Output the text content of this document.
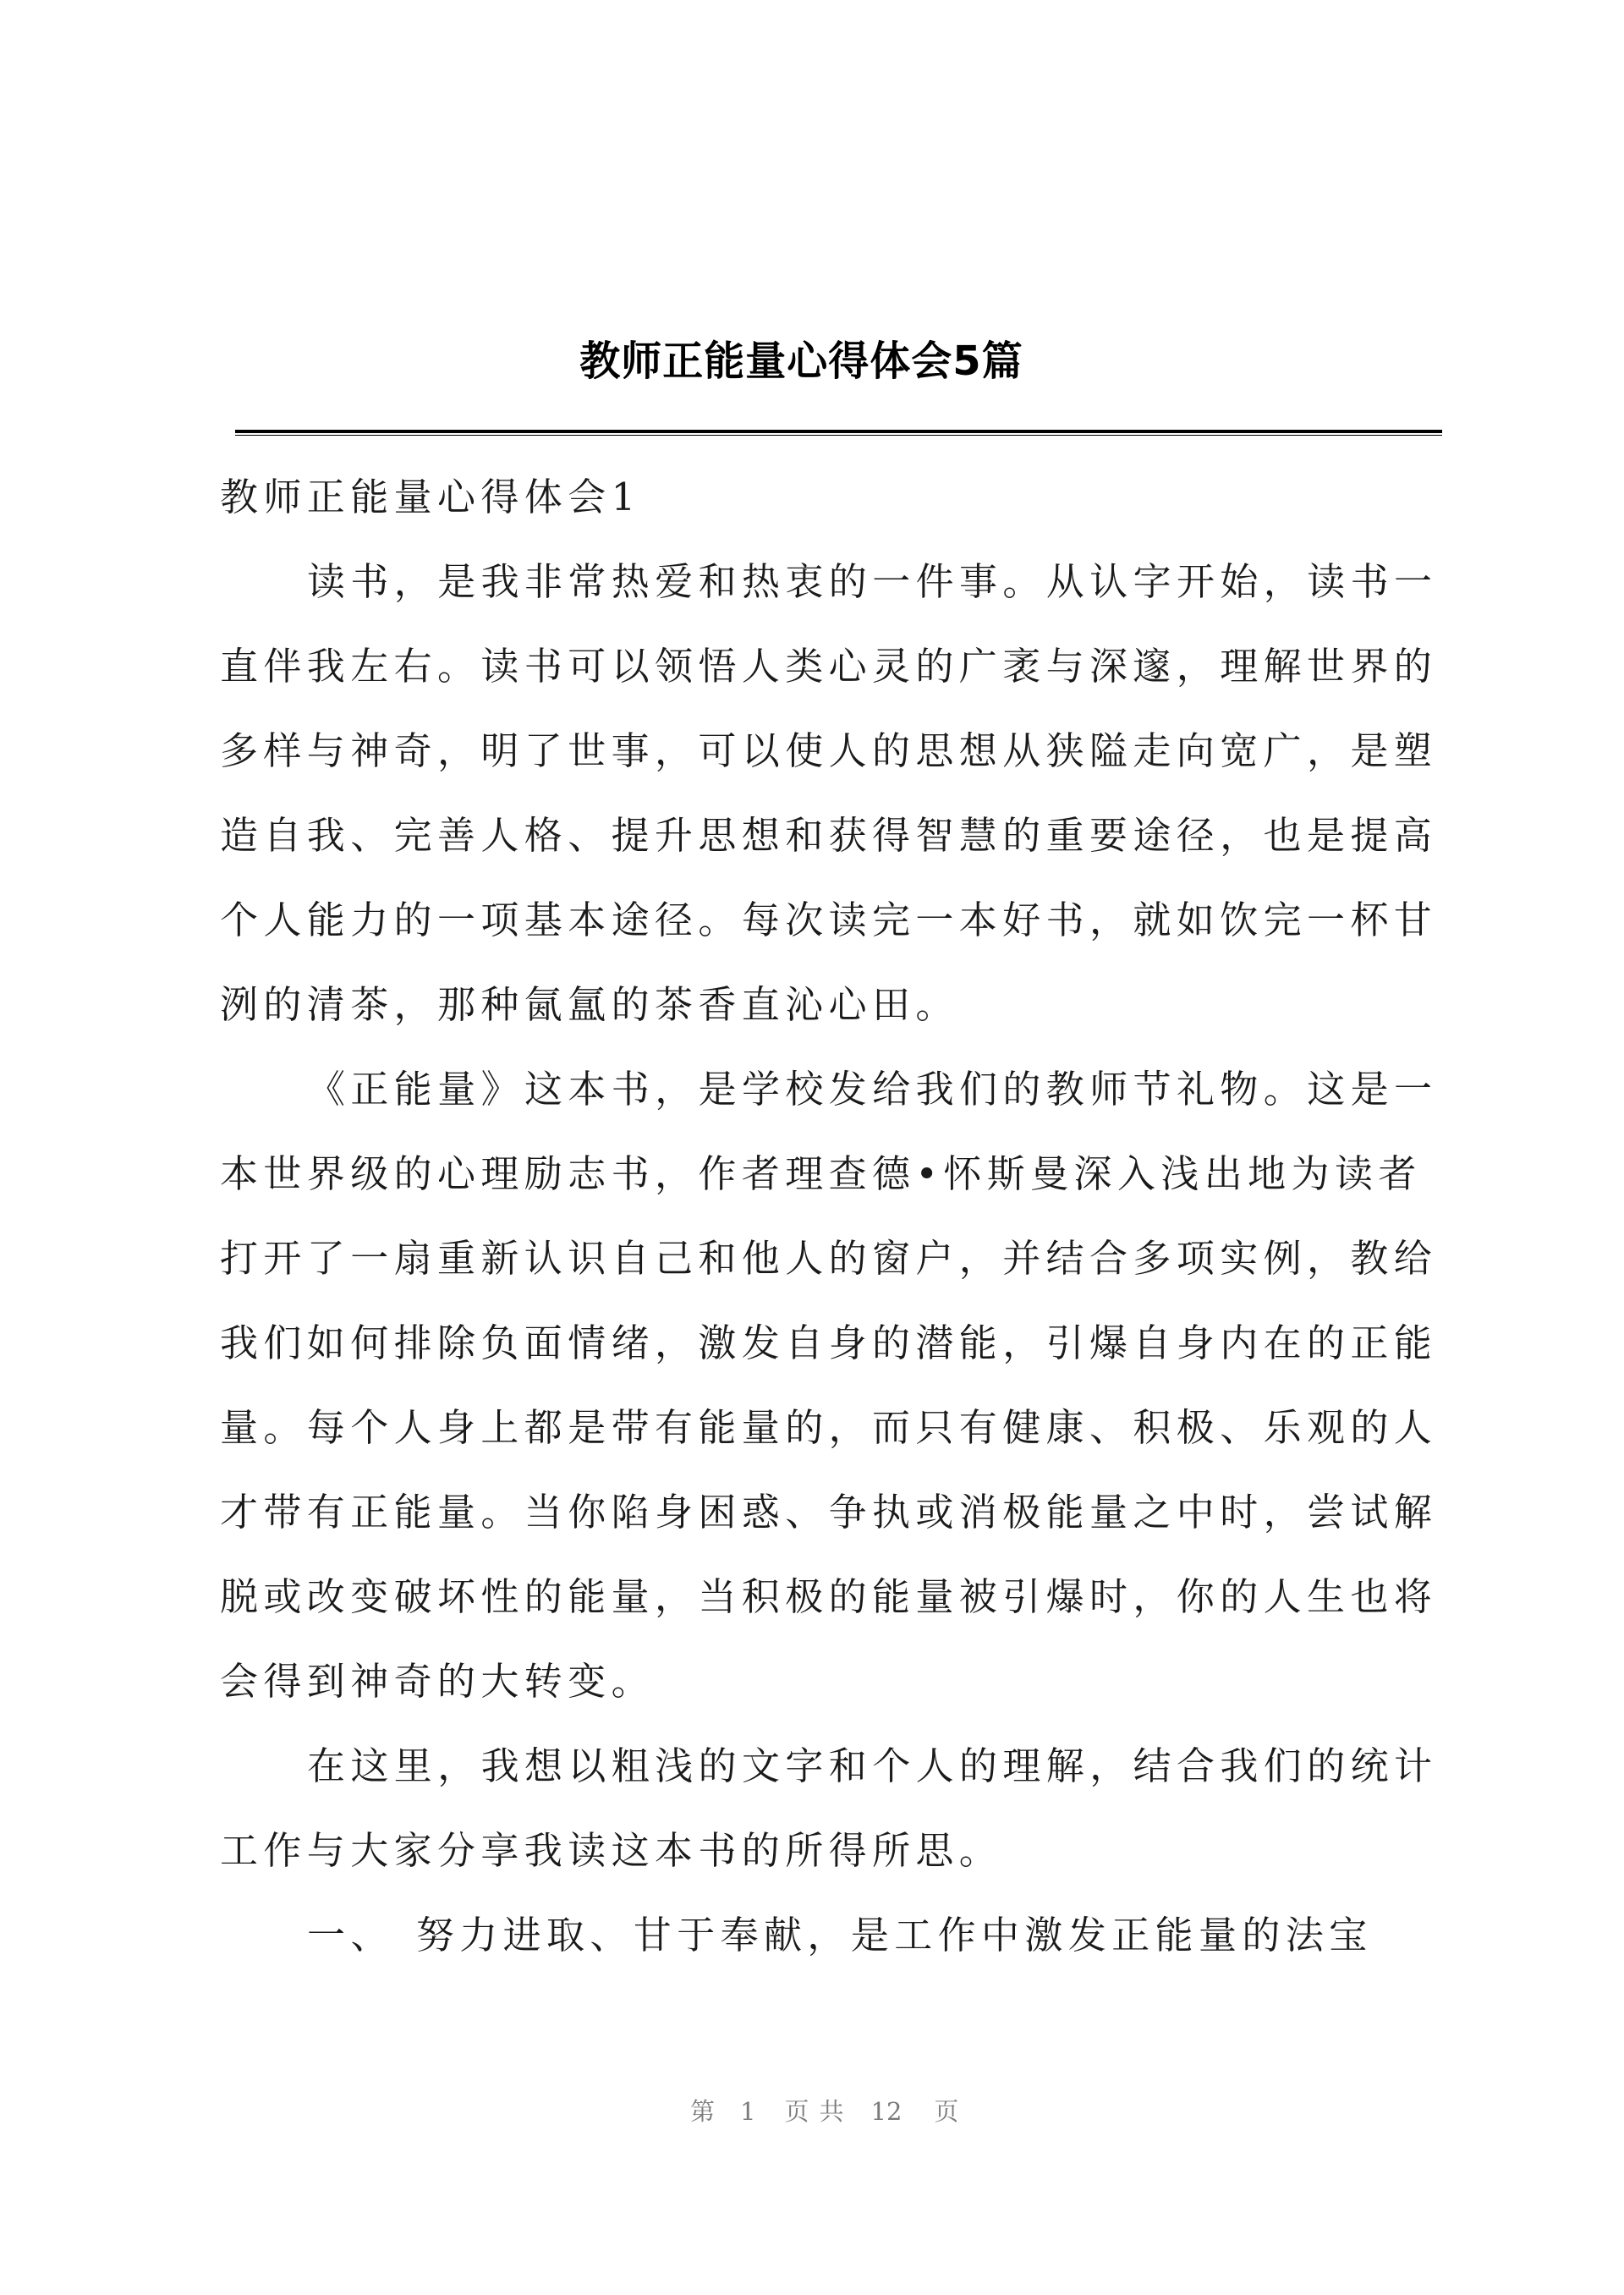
教师正能量心得体会5篇
教师正能量心得体会1
读书，是我非常热爱和热衷的一件事。从认字开始，读书一
直伴我左右。读书可以领悟人类心灵的广袤与深邃，理解世界的
多样与神奇，明了世事，可以使人的思想从狭隘走向宽广，是塑
造自我、完善人格、提升思想和获得智慧的重要途径，也是提高
个人能力的一项基本途径。每次读完一本好书，就如饮完一杯甘
洌的清茶，那种氤氲的茶香直沁心田。
《正能量》这本书，是学校发给我们的教师节礼物。这是一
本世界级的心理励志书，作者理查德•怀斯曼深入浅出地为读者
打开了一扇重新认识自己和他人的窗户，并结合多项实例，教给
我们如何排除负面情绪，激发自身的潜能，引爆自身内在的正能
量。每个人身上都是带有能量的，而只有健康、积极、乐观的人
才带有正能量。当你陷身困惑、争执或消极能量之中时，尝试解
脱或改变破坏性的能量，当积极的能量被引爆时，你的人生也将
会得到神奇的大转变。
在这里，我想以粗浅的文字和个人的理解，结合我们的统计
工作与大家分享我读这本书的所得所思。
一、 努力进取、甘于奉献，是工作中激发正能量的法宝
第 1 页 共 12 页
